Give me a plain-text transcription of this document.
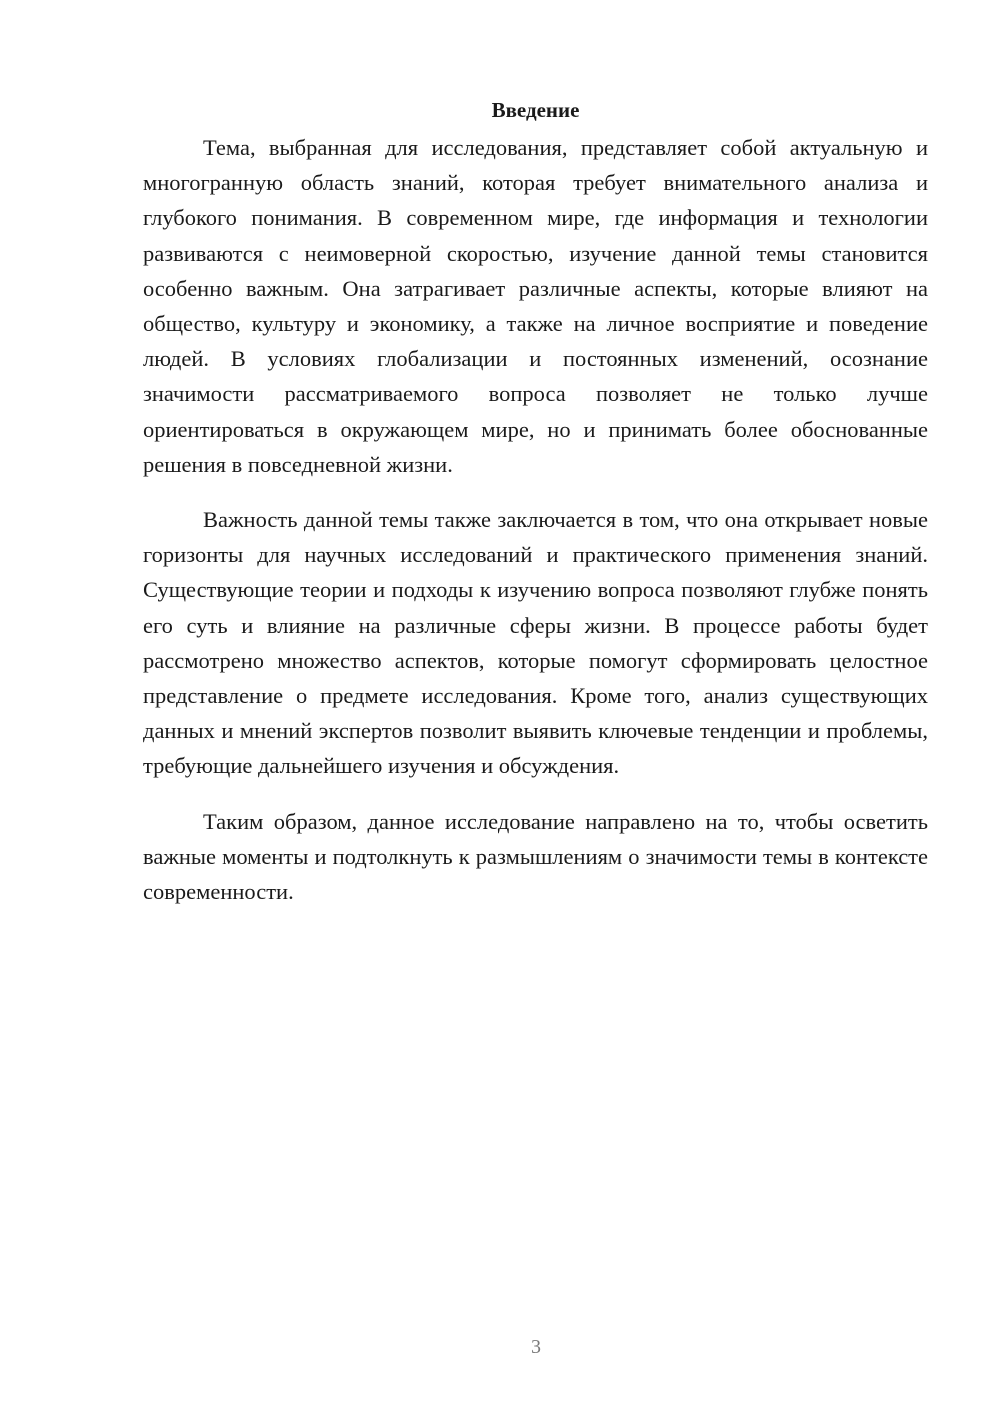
Введение

Тема, выбранная для исследования, представляет собой актуальную и многогранную область знаний, которая требует внимательного анализа и глубокого понимания. В современном мире, где информация и технологии развиваются с неимоверной скоростью, изучение данной темы становится особенно важным. Она затрагивает различные аспекты, которые влияют на общество, культуру и экономику, а также на личное восприятие и поведение людей. В условиях глобализации и постоянных изменений, осознание значимости рассматриваемого вопроса позволяет не только лучше ориентироваться в окружающем мире, но и принимать более обоснованные решения в повседневной жизни.

Важность данной темы также заключается в том, что она открывает новые горизонты для научных исследований и практического применения знаний. Существующие теории и подходы к изучению вопроса позволяют глубже понять его суть и влияние на различные сферы жизни. В процессе работы будет рассмотрено множество аспектов, которые помогут сформировать целостное представление о предмете исследования. Кроме того, анализ существующих данных и мнений экспертов позволит выявить ключевые тенденции и проблемы, требующие дальнейшего изучения и обсуждения.

Таким образом, данное исследование направлено на то, чтобы осветить важные моменты и подтолкнуть к размышлениям о значимости темы в контексте современности.

3
